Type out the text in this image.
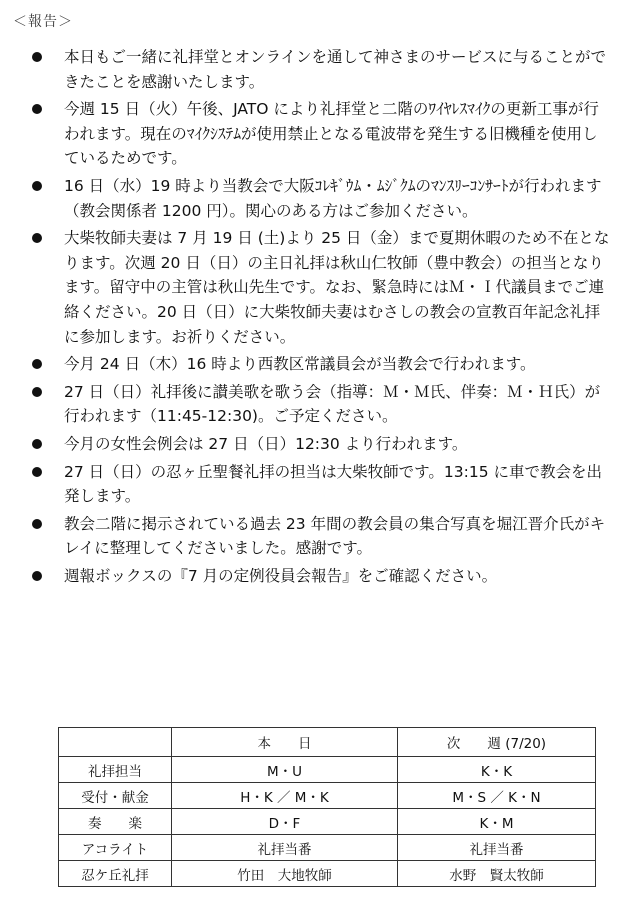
＜報告＞
本日もご一緒に礼拝堂とオンラインを通して神さまのサービスに与ることができたことを感謝いたします。
今週 15 日（火）午後、JATO により礼拝堂と二階のﾜｲﾔﾚｽﾏｲｸの更新工事が行われます。現在のﾏｲｸｼｽﾃﾑが使用禁止となる電波帯を発生する旧機種を使用しているためです。
16 日（水）19 時より当教会で大阪ｺﾚｷﾞｳﾑ・ﾑｼﾞｸﾑのﾏﾝｽﾘｰｺﾝｻｰﾄが行われます（教会関係者 1200 円）。関心のある方はご参加ください。
大柴牧師夫妻は 7 月 19 日 (土)より 25 日（金）まで夏期休暇のため不在となります。次週 20 日（日）の主日礼拝は秋山仁牧師（豊中教会）の担当となります。留守中の主管は秋山先生です。なお、緊急時にはＭ・Ｉ代議員までご連絡ください。20 日（日）に大柴牧師夫妻はむさしの教会の宣教百年記念礼拝に参加します。お祈りください。
今月 24 日（木）16 時より西教区常議員会が当教会で行われます。
27 日（日）礼拝後に讃美歌を歌う会（指導：Ｍ・Ｍ氏、伴奏：Ｍ・Ｈ氏）が行われます（11:45-12:30)。ご予定ください。
今月の女性会例会は 27 日（日）12:30 より行われます。
27 日（日）の忍ヶ丘聖餐礼拝の担当は大柴牧師です。13:15 に車で教会を出発します。
教会二階に掲示されている過去 23 年間の教会員の集合写真を堀江晋介氏がキレイに整理してくださいました。感謝です。
週報ボックスの『7 月の定例役員会報告』をご確認ください。
	本　　日	次　　週 (7/20)
礼拝担当	M・U	K・K
受付・献金	H・K ／ M・K	M・S ／ K・N
奏　　楽	D・F	K・M
アコライト	礼拝当番	礼拝当番
忍ケ丘礼拝	竹田　大地牧師	水野　賢太牧師
